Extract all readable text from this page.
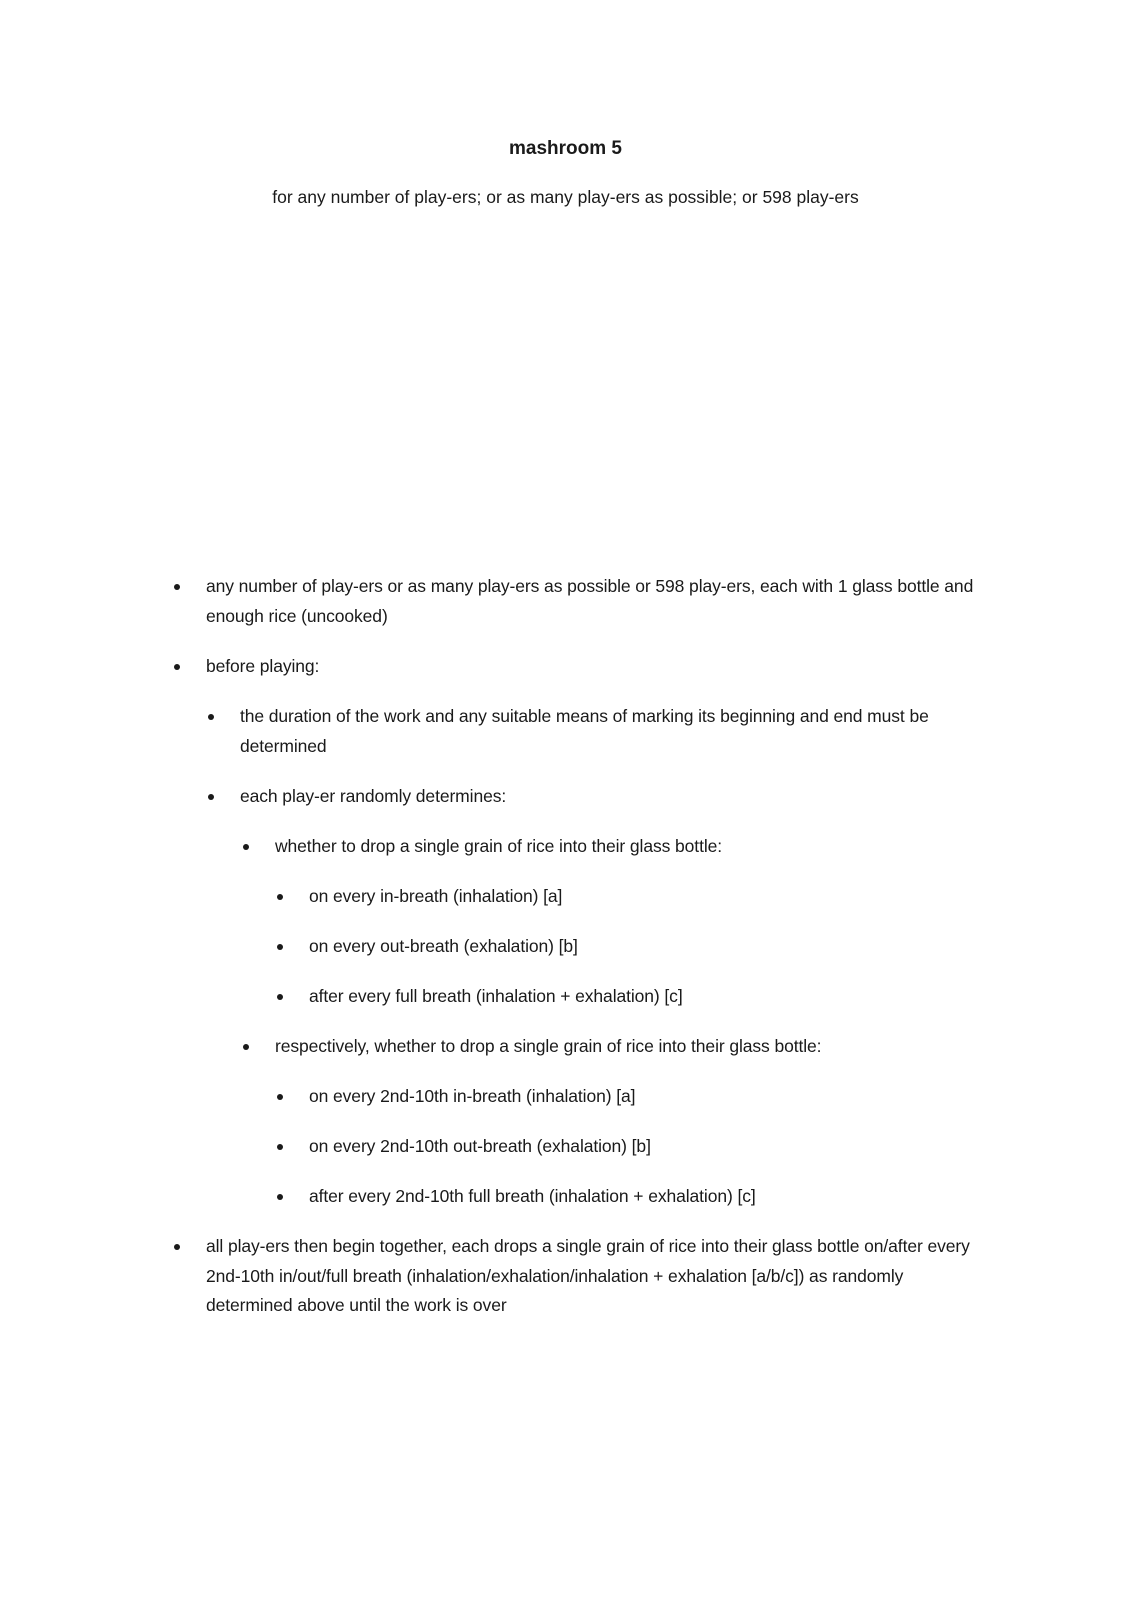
mashroom 5
for any number of play-ers; or as many play-ers as possible; or 598 play-ers
any number of play-ers or as many play-ers as possible or 598 play-ers, each with 1 glass bottle and enough rice (uncooked)
before playing:
the duration of the work and any suitable means of marking its beginning and end must be determined
each play-er randomly determines:
whether to drop a single grain of rice into their glass bottle:
on every in-breath (inhalation) [a]
on every out-breath (exhalation) [b]
after every full breath (inhalation + exhalation) [c]
respectively, whether to drop a single grain of rice into their glass bottle:
on every 2nd-10th in-breath (inhalation) [a]
on every 2nd-10th out-breath (exhalation) [b]
after every 2nd-10th full breath (inhalation + exhalation) [c]
all play-ers then begin together, each drops a single grain of rice into their glass bottle on/after every 2nd-10th in/out/full breath (inhalation/exhalation/inhalation + exhalation [a/b/c]) as randomly determined above until the work is over
